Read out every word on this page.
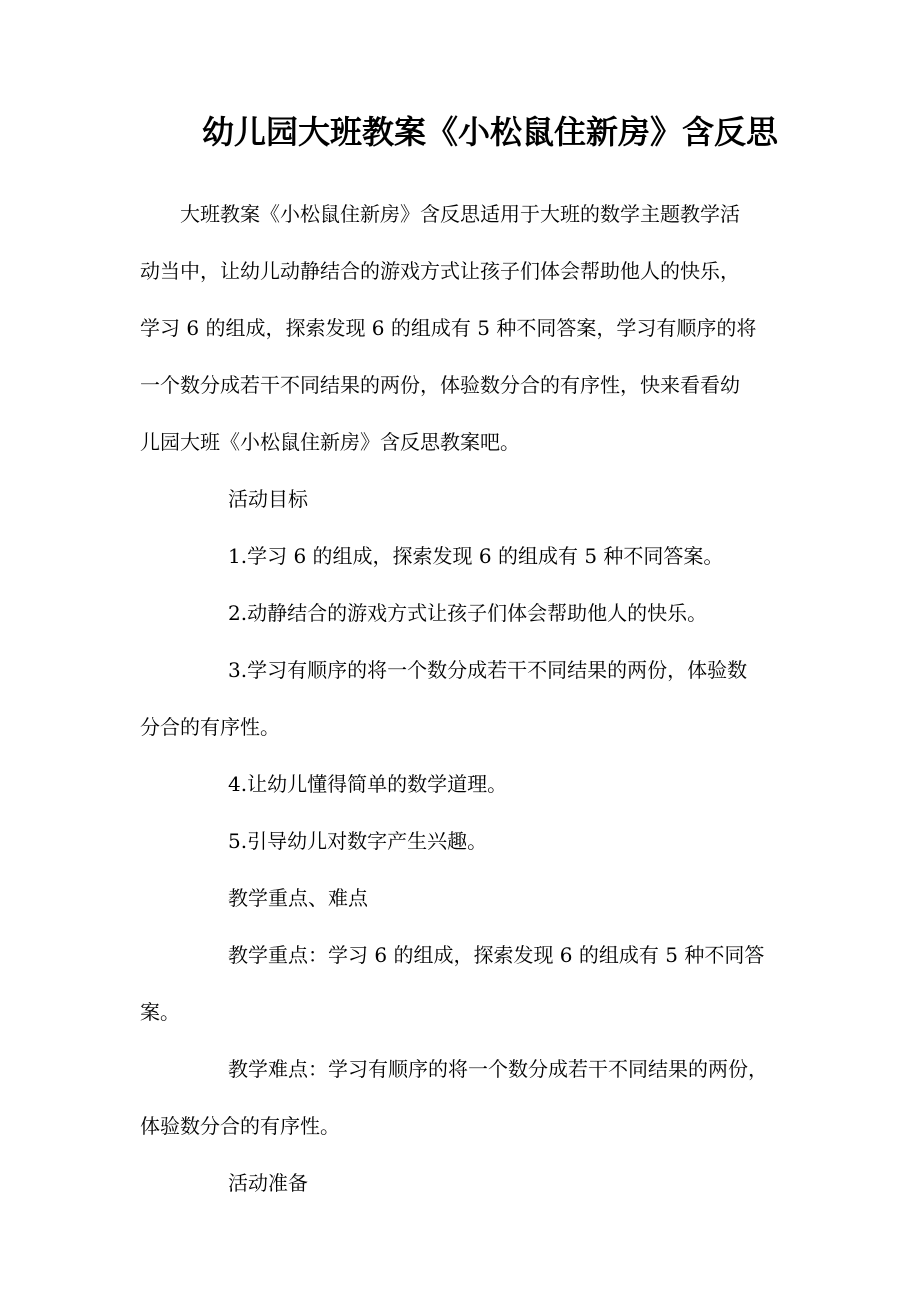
幼儿园大班教案《小松鼠住新房》含反思
大班教案《小松鼠住新房》含反思适用于大班的数学主题教学活
动当中，让幼儿动静结合的游戏方式让孩子们体会帮助他人的快乐，
学习 6 的组成，探索发现 6 的组成有 5 种不同答案，学习有顺序的将
一个数分成若干不同结果的两份，体验数分合的有序性，快来看看幼
儿园大班《小松鼠住新房》含反思教案吧。
活动目标
1.学习 6 的组成，探索发现 6 的组成有 5 种不同答案。
2.动静结合的游戏方式让孩子们体会帮助他人的快乐。
3.学习有顺序的将一个数分成若干不同结果的两份，体验数
分合的有序性。
4.让幼儿懂得简单的数学道理。
5.引导幼儿对数字产生兴趣。
教学重点、难点
教学重点：学习 6 的组成，探索发现 6 的组成有 5 种不同答
案。
教学难点：学习有顺序的将一个数分成若干不同结果的两份，
体验数分合的有序性。
活动准备
